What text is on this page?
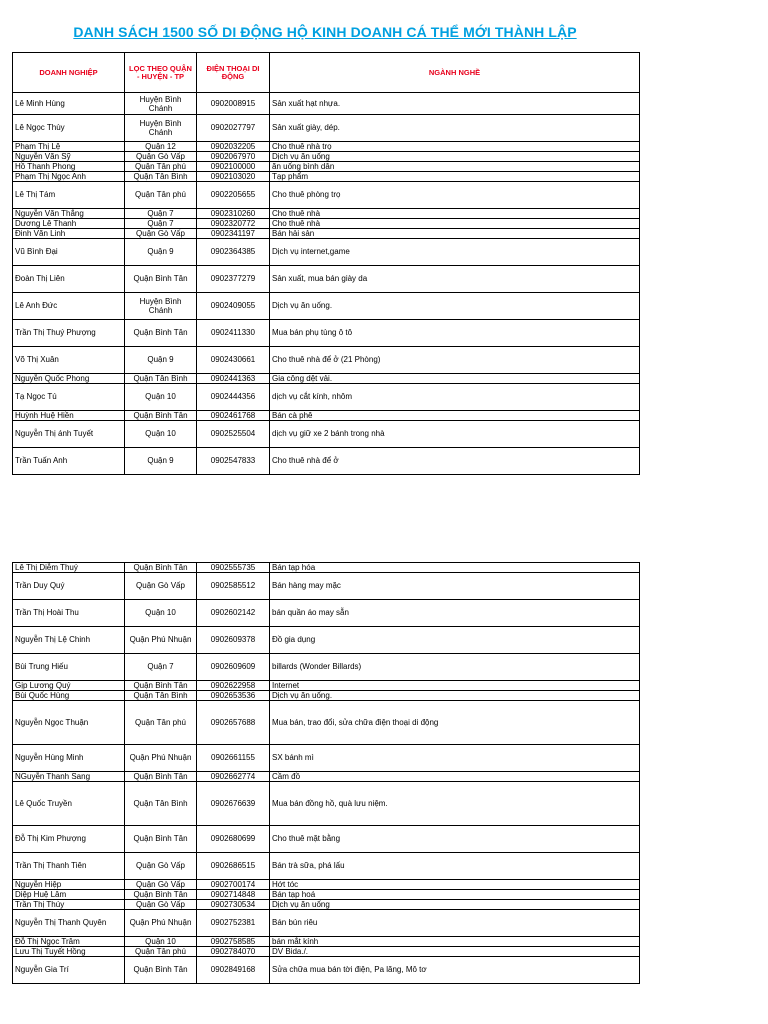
DANH SÁCH 1500 SỐ DI ĐỘNG HỘ KINH DOANH CÁ THỂ MỚI THÀNH LẬP
DOANH NGHIỆP	LỌC THEO QUẬN - HUYỆN - TP	ĐIỆN THOẠI DI ĐỘNG	NGÀNH NGHỀ
Lê Minh Hùng	Huyện Bình Chánh	0902008915	Sản xuất hạt nhựa.
Lê Ngọc Thùy	Huyện Bình Chánh	0902027797	Sản xuất giày, dép.
Phạm Thị Lệ	Quận 12	0902032205	Cho thuê nhà trọ
Nguyễn Văn Sỹ	Quận Gò Vấp	0902067970	Dịch vụ ăn uống
Hồ Thanh Phong	Quận Tân phú	0902100000	ăn uống bình dân
Phạm Thị Ngọc Anh	Quận Tân Bình	0902103020	Tạp phẩm
Lê Thị Tám	Quận Tân phú	0902205655	Cho thuê phòng trọ
Nguyễn Văn Thắng	Quận 7	0902310260	Cho thuê nhà
Dương Lê Thanh	Quận 7	0902320772	Cho thuê nhà
Đinh Văn Linh	Quận Gò Vấp	0902341197	Bán hải sản
Vũ Bình Đại	Quận 9	0902364385	Dịch vụ internet,game
Đoàn Thị Liên	Quận Bình Tân	0902377279	Sản xuất, mua bán giày da
Lê Anh Đức	Huyện Bình Chánh	0902409055	Dịch vụ ăn uống.
Trần Thị Thuý Phượng	Quận Bình Tân	0902411330	Mua bán phụ tùng ô tô
Võ Thị Xuân	Quận 9	0902430661	Cho thuê nhà để ở (21 Phòng)
Nguyễn Quốc Phong	Quận Tân Bình	0902441363	Gia công dệt vải.
Tạ Ngọc Tú	Quận 10	0902444356	dịch vụ cắt kính, nhôm
Huỳnh Huệ Hiền	Quận Bình Tân	0902461768	Bán cà phê
Nguyễn Thị ánh Tuyết	Quận 10	0902525504	dịch vụ giữ xe 2 bánh trong nhà
Trần Tuấn Anh	Quận 9	0902547833	Cho thuê nhà để ở
Lê Thị Diễm Thuý	Quận Bình Tân	0902555735	Bán tạp hóa
Trần Duy Quý	Quận Gò Vấp	0902585512	Bán hàng may mặc
Trần Thị Hoài Thu	Quận 10	0902602142	bán quần áo may sẵn
Nguyễn Thị Lệ Chinh	Quận Phú Nhuận	0902609378	Đồ gia dụng
Bùi Trung Hiếu	Quận 7	0902609609	billards (Wonder Billards)
Gịp Lương Quý	Quận Bình Tân	0902622958	Internet
Bùi Quốc Hùng	Quận Tân Bình	0902653536	Dịch vụ ăn uống.
Nguyễn Ngọc Thuận	Quận Tân phú	0902657688	Mua bán, trao đổi, sửa chữa điện thoại di động
Nguyễn Hùng Minh	Quận Phú Nhuận	0902661155	SX bánh mì
NGuyễn Thanh Sang	Quận Bình Tân	0902662774	Cầm đồ
Lê Quốc Truyền	Quận Tân Bình	0902676639	Mua bán đồng hồ, quà lưu niệm.
Đỗ Thị Kim Phượng	Quận Bình Tân	0902680699	Cho thuê mặt bằng
Trần Thị Thanh Tiên	Quận Gò Vấp	0902686515	Bán trà sữa, phá lấu
Nguyễn Hiệp	Quận Gò Vấp	0902700174	Hớt tóc
Diệp Huệ Lâm	Quận Bình Tân	0902714848	Bán tạp hoá
Trần Thị Thúy	Quận Gò Vấp	0902730534	Dịch vụ ăn uống
Nguyễn Thị Thanh Quyên	Quận Phú Nhuận	0902752381	Bán bún riêu
Đỗ Thị Ngọc Trâm	Quận 10	0902758585	bán mắt kính
Lưu Thị Tuyết Hồng	Quận Tân phú	0902784070	DV Bida./.
Nguyễn Gia Trí	Quận Bình Tân	0902849168	Sửa chữa mua bán tời điện, Pa lăng, Mô tơ
